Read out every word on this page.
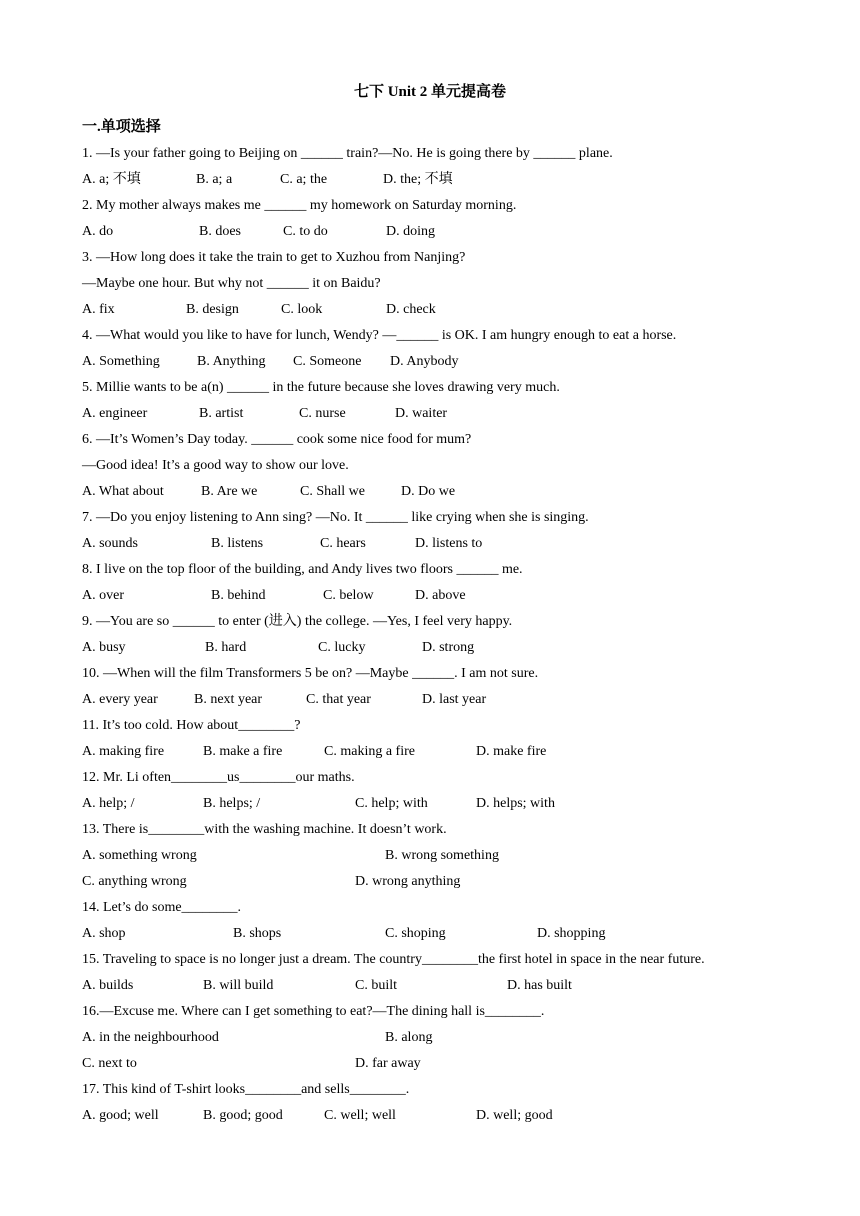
七下 Unit 2 单元提高卷
一.单项选择
1. —Is your father going to Beijing on ______ train?—No. He is going there by ______ plane.
A. a; 不填	B. a; a	C. a; the	D. the; 不填
2. My mother always makes me ______ my homework on Saturday morning.
A. do	B. does	C. to do	D. doing
3. —How long does it take the train to get to Xuzhou from Nanjing?
—Maybe one hour. But why not ______ it on Baidu?
A. fix	B. design	C. look	D. check
4. —What would you like to have for lunch, Wendy? —______ is OK. I am hungry enough to eat a horse.
A. Something	B. Anything C. Someone D. Anybody
5. Millie wants to be a(n) ______ in the future because she loves drawing very much.
A. engineer	B. artist	C. nurse	D. waiter
6. —It’s Women’s Day today. ______ cook some nice food for mum?
—Good idea! It’s a good way to show our love.
A. What about	B. Are we	C. Shall we	D. Do we
7. —Do you enjoy listening to Ann sing? —No. It ______ like crying when she is singing.
A. sounds	B. listens	C. hears	D. listens to
8. I live on the top floor of the building, and Andy lives two floors ______ me.
A. over	B. behind	C. below	D. above
9. —You are so ______ to enter (进入) the college. —Yes, I feel very happy.
A. busy	B. hard	C. lucky	D. strong
10. —When will the film Transformers 5 be on? —Maybe ______. I am not sure.
A. every year	B. next year	C. that year	D. last year
11. It’s too cold. How about________?
A. making fire	B. make a fire	C. making a fire	D. make fire
12. Mr. Li often________us________our maths.
A. help; /	B. helps; /	C. help; with	D. helps; with
13. There is________with the washing machine. It doesn’t work.
A. something wrong	B. wrong something
C. anything wrong	D. wrong anything
14. Let’s do some________.
A. shop	B. shops	C. shoping	D. shopping
15. Traveling to space is no longer just a dream. The country________the first hotel in space in the near future.
A. builds	B. will build	C. built	D. has built
16.—Excuse me. Where can I get something to eat?—The dining hall is________.
A. in the neighbourhood	B. along
C. next to	D. far away
17. This kind of T-shirt looks________and sells________.
A. good; well	B. good; good	C. well; well	D. well; good
